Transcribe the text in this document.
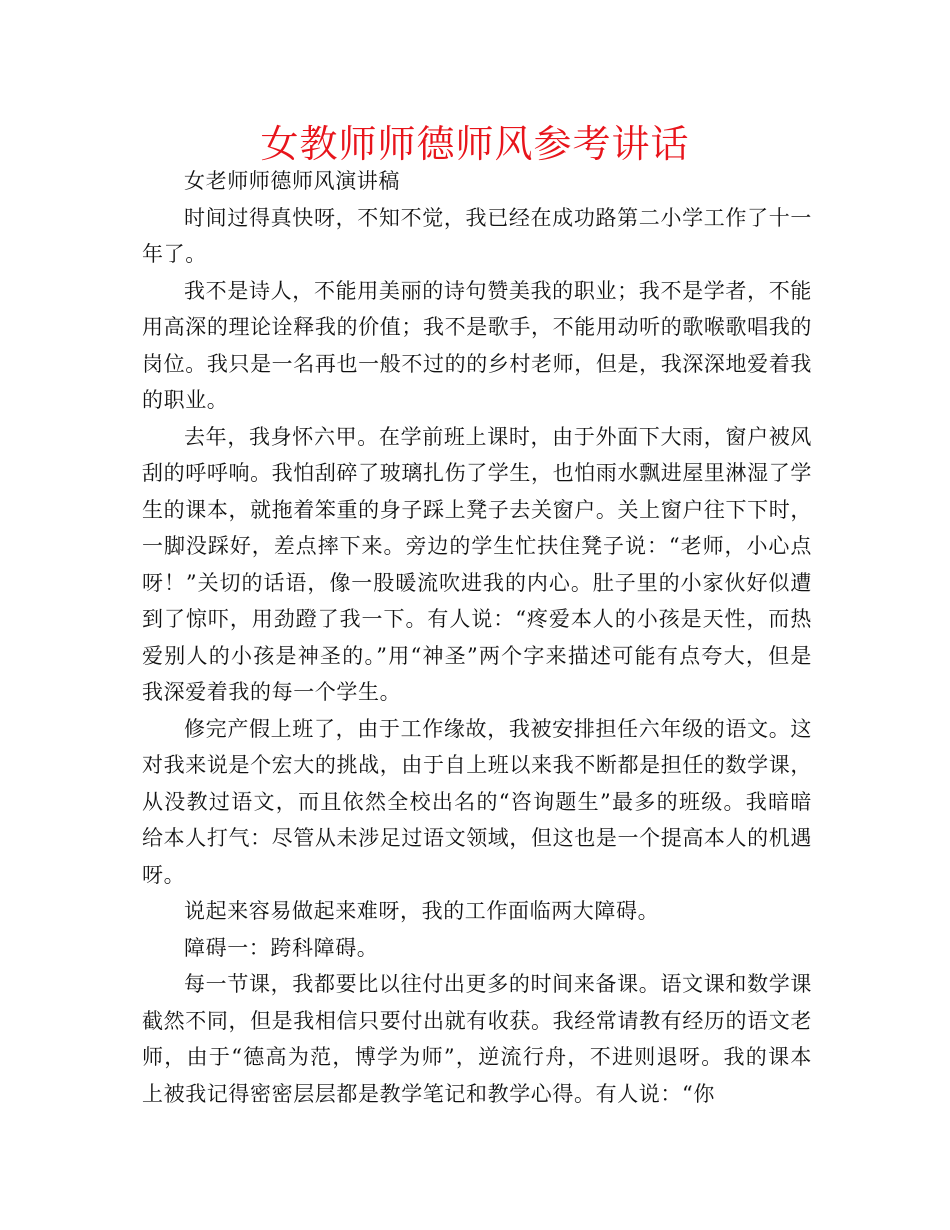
女教师师德师风参考讲话

女老师师德师风演讲稿

时间过得真快呀，不知不觉，我已经在成功路第二小学工作了十一年了。

我不是诗人，不能用美丽的诗句赞美我的职业；我不是学者，不能用高深的理论诠释我的价值；我不是歌手，不能用动听的歌喉歌唱我的岗位。我只是一名再也一般不过的的乡村老师，但是，我深深地爱着我的职业。

去年，我身怀六甲。在学前班上课时，由于外面下大雨，窗户被风刮的呼呼响。我怕刮碎了玻璃扎伤了学生，也怕雨水飘进屋里淋湿了学生的课本，就拖着笨重的身子踩上凳子去关窗户。关上窗户往下下时，一脚没踩好，差点摔下来。旁边的学生忙扶住凳子说：“老师，小心点呀！”关切的话语，像一股暖流吹进我的内心。肚子里的小家伙好似遭到了惊吓，用劲蹬了我一下。有人说：“疼爱本人的小孩是天性，而热爱别人的小孩是神圣的。”用“神圣”两个字来描述可能有点夸大，但是我深爱着我的每一个学生。

修完产假上班了，由于工作缘故，我被安排担任六年级的语文。这对我来说是个宏大的挑战，由于自上班以来我不断都是担任的数学课，从没教过语文，而且依然全校出名的“咨询题生”最多的班级。我暗暗给本人打气：尽管从未涉足过语文领域，但这也是一个提高本人的机遇呀。

说起来容易做起来难呀，我的工作面临两大障碍。

障碍一：跨科障碍。

每一节课，我都要比以往付出更多的时间来备课。语文课和数学课截然不同，但是我相信只要付出就有收获。我经常请教有经历的语文老师，由于“德高为范，博学为师”，逆流行舟，不进则退呀。我的课本上被我记得密密层层都是教学笔记和教学心得。有人说：“你
